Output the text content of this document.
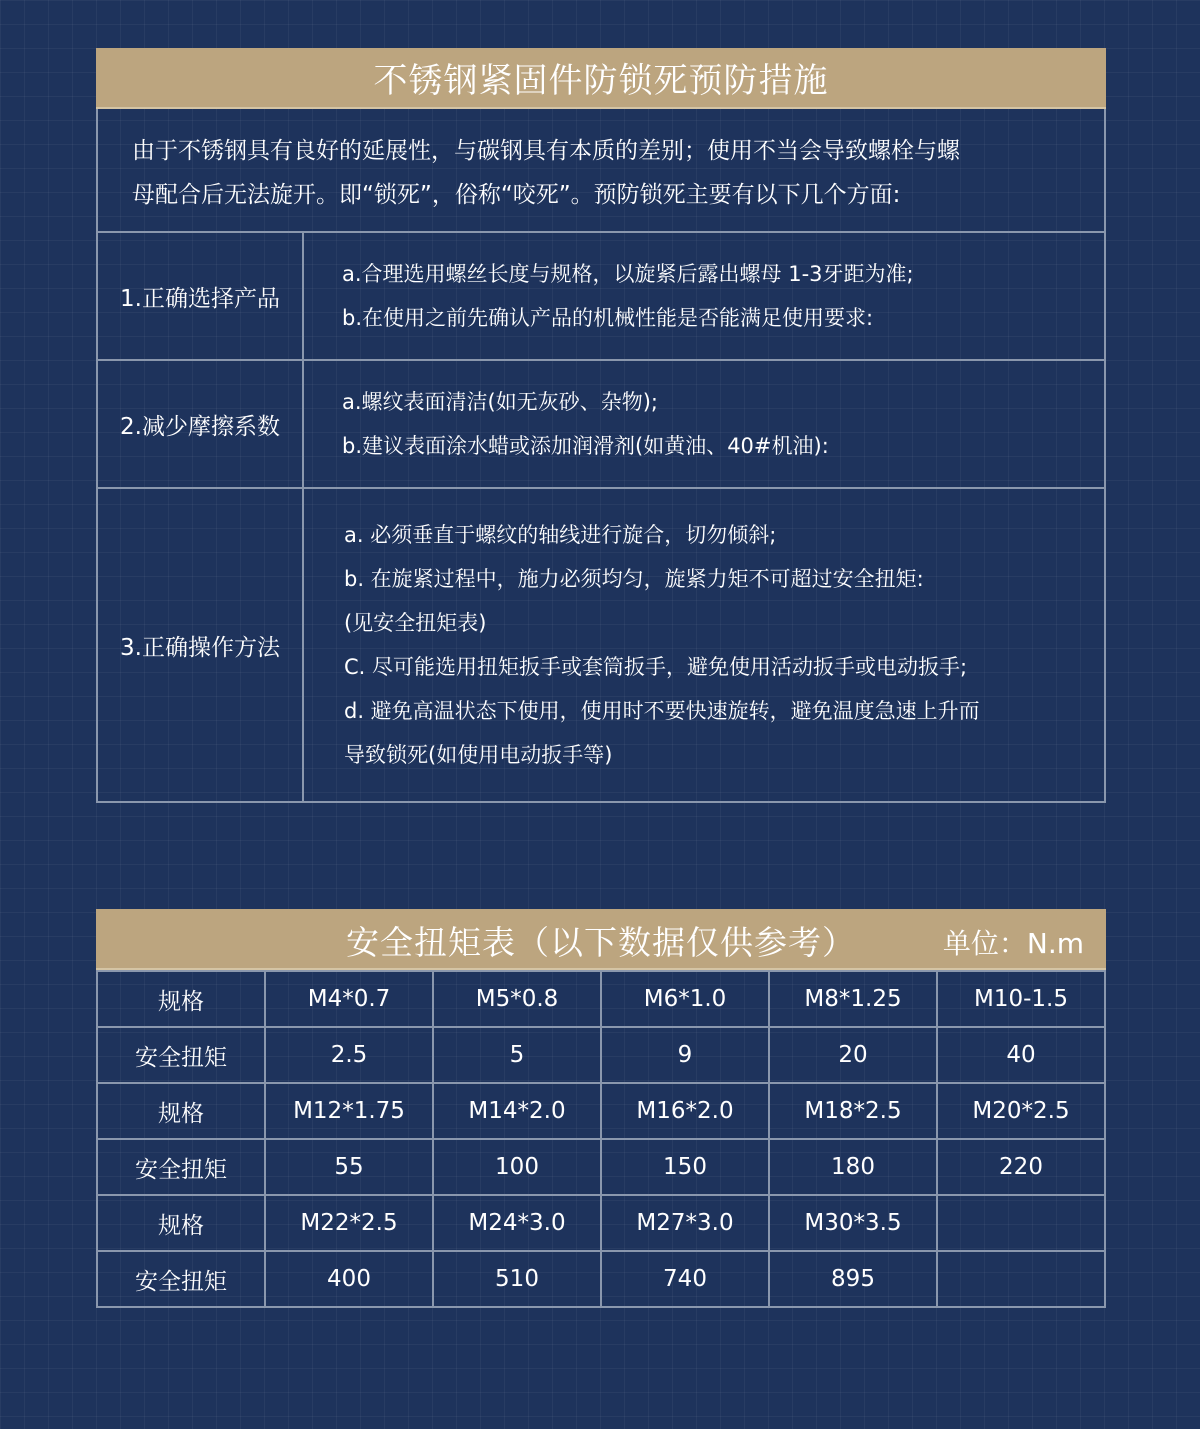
不锈钢紧固件防锁死预防措施
由于不锈钢具有良好的延展性，与碳钢具有本质的差别；使用不当会导致螺栓与螺
母配合后无法旋开。即“锁死”，俗称“咬死”。预防锁死主要有以下几个方面:
1.正确选择产品
a.合理选用螺丝长度与规格，以旋紧后露出螺母 1-3牙距为准;
b.在使用之前先确认产品的机械性能是否能满足使用要求:
2.减少摩擦系数
a.螺纹表面清洁(如无灰砂、杂物);
b.建议表面涂水蜡或添加润滑剂(如黄油、40#机油):
3.正确操作方法
a. 必须垂直于螺纹的轴线进行旋合，切勿倾斜;
b. 在旋紧过程中，施力必须均匀，旋紧力矩不可超过安全扭矩:
(见安全扭矩表)
C. 尽可能选用扭矩扳手或套筒扳手，避免使用活动扳手或电动扳手;
d. 避免高温状态下使用，使用时不要快速旋转，避免温度急速上升而
导致锁死(如使用电动扳手等)
安全扭矩表（以下数据仅供参考）	单位：N.m
规格	M4*0.7	M5*0.8	M6*1.0	M8*1.25	M10-1.5
安全扭矩	2.5	5	9	20	40
规格	M12*1.75	M14*2.0	M16*2.0	M18*2.5	M20*2.5
安全扭矩	55	100	150	180	220
规格	M22*2.5	M24*3.0	M27*3.0	M30*3.5	
安全扭矩	400	510	740	895	
